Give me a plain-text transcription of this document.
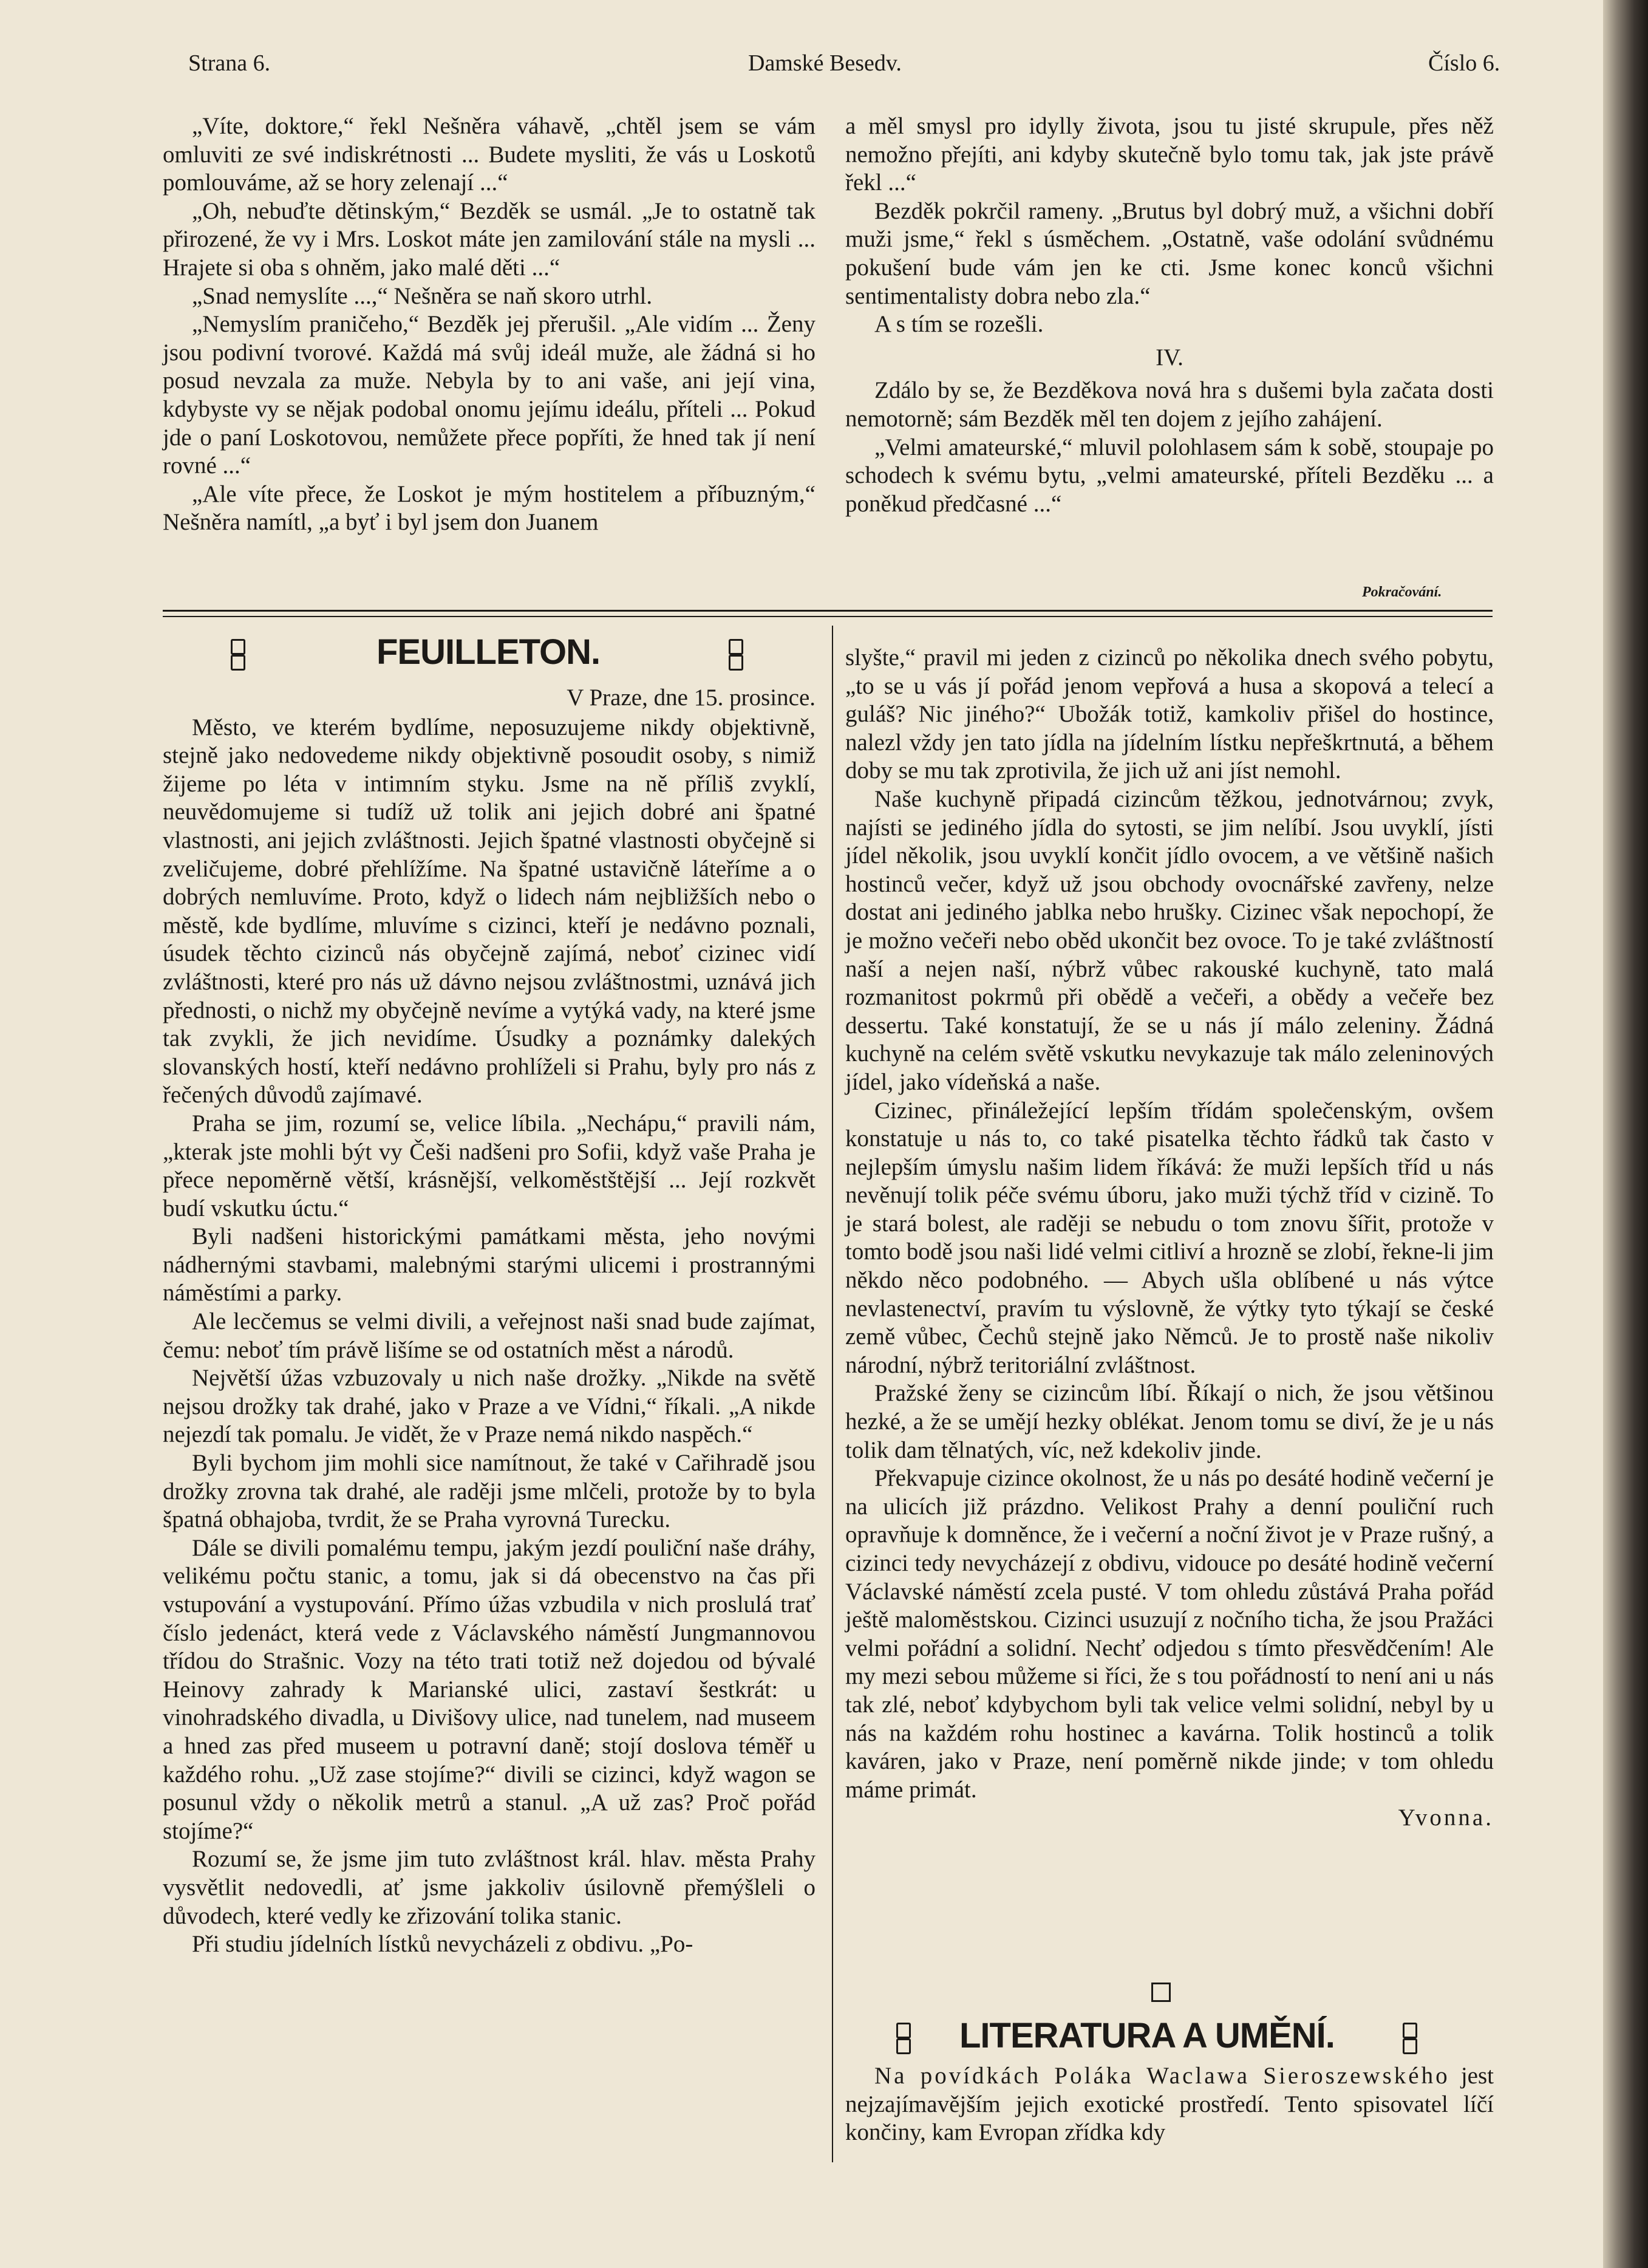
Strana 6.	Damské Besedv.	Číslo 6.

„Víte, doktore,“ řekl Nešněra váhavě, „chtěl jsem se vám omluviti ze své indiskrétnosti ... Budete mysliti, že vás u Loskotů pomlouváme, až se hory zelenají ...“

„Oh, nebuďte dětinským,“ Bezděk se usmál. „Je to ostatně tak přirozené, že vy i Mrs. Loskot máte jen zamilování stále na mysli ... Hrajete si oba s ohněm, jako malé děti ...“

„Snad nemyslíte ...,“ Nešněra se naň skoro utrhl.

„Nemyslím praničeho,“ Bezděk jej přerušil. „Ale vidím ... Ženy jsou podivní tvorové. Každá má svůj ideál muže, ale žádná si ho posud nevzala za muže. Nebyla by to ani vaše, ani její vina, kdybyste vy se nějak podobal onomu jejímu ideálu, příteli ... Pokud jde o paní Loskotovou, nemůžete přece popříti, že hned tak jí není rovné ...“

„Ale víte přece, že Loskot je mým hostitelem a příbuzným,“ Nešněra namítl, „a byť i byl jsem don Juanem

a měl smysl pro idylly života, jsou tu jisté skrupule, přes něž nemožno přejíti, ani kdyby skutečně bylo tomu tak, jak jste právě řekl ...“

Bezděk pokrčil rameny. „Brutus byl dobrý muž, a všichni dobří muži jsme,“ řekl s úsměchem. „Ostatně, vaše odolání svůdnému pokušení bude vám jen ke cti. Jsme konec konců všichni sentimentalisty dobra nebo zla.“

A s tím se rozešli.

IV.

Zdálo by se, že Bezděkova nová hra s dušemi byla začata dosti nemotorně; sám Bezděk měl ten dojem z jejího zahájení.

„Velmi amateurské,“ mluvil polohlasem sám k sobě, stoupaje po schodech k svému bytu, „velmi amateurské, příteli Bezděku ... a poněkud předčasné ...“

Pokračování.
FEUILLETON.

V Praze, dne 15. prosince.

Město, ve kterém bydlíme, neposuzujeme nikdy objektivně, stejně jako nedovedeme nikdy objektivně posoudit osoby, s nimiž žijeme po léta v intimním styku. Jsme na ně příliš zvyklí, neuvědomujeme si tudíž už tolik ani jejich dobré ani špatné vlastnosti, ani jejich zvláštnosti. Jejich špatné vlastnosti obyčejně si zveličujeme, dobré přehlížíme. Na špatné ustavičně láteříme a o dobrých nemluvíme. Proto, když o lidech nám nejbližších nebo o městě, kde bydlíme, mluvíme s cizinci, kteří je nedávno poznali, úsudek těchto cizinců nás obyčejně zajímá, neboť cizinec vidí zvláštnosti, které pro nás už dávno nejsou zvláštnostmi, uznává jich přednosti, o nichž my obyčejně nevíme a vytýká vady, na které jsme tak zvykli, že jich nevidíme. Úsudky a poznámky dalekých slovanských hostí, kteří nedávno prohlíželi si Prahu, byly pro nás z řečených důvodů zajímavé.

Praha se jim, rozumí se, velice líbila. „Nechápu,“ pravili nám, „kterak jste mohli být vy Češi nadšeni pro Sofii, když vaše Praha je přece nepoměrně větší, krásnější, velkoměstštější ... Její rozkvět budí vskutku úctu.“

Byli nadšeni historickými památkami města, jeho novými nádhernými stavbami, malebnými starými ulicemi i prostrannými náměstími a parky.

Ale lecčemus se velmi divili, a veřejnost naši snad bude zajímat, čemu: neboť tím právě lišíme se od ostatních měst a národů.

Největší úžas vzbuzovaly u nich naše drožky. „Nikde na světě nejsou drožky tak drahé, jako v Praze a ve Vídni,“ říkali. „A nikde nejezdí tak pomalu. Je vidět, že v Praze nemá nikdo naspěch.“

Byli bychom jim mohli sice namítnout, že také v Cařihradě jsou drožky zrovna tak drahé, ale raději jsme mlčeli, protože by to byla špatná obhajoba, tvrdit, že se Praha vyrovná Turecku.

Dále se divili pomalému tempu, jakým jezdí pouliční naše dráhy, velikému počtu stanic, a tomu, jak si dá obecenstvo na čas při vstupování a vystupování. Přímo úžas vzbudila v nich proslulá trať číslo jedenáct, která vede z Václavského náměstí Jungmannovou třídou do Strašnic. Vozy na této trati totiž než dojedou od bývalé Heinovy zahrady k Marianské ulici, zastaví šestkrát: u vinohradského divadla, u Divišovy ulice, nad tunelem, nad museem a hned zas před museem u potravní daně; stojí doslova téměř u každého rohu. „Už zase stojíme?“ divili se cizinci, když wagon se posunul vždy o několik metrů a stanul. „A už zas? Proč pořád stojíme?“

Rozumí se, že jsme jim tuto zvláštnost král. hlav. města Prahy vysvětlit nedovedli, ať jsme jakkoliv úsilovně přemýšleli o důvodech, které vedly ke zřizování tolika stanic.

Při studiu jídelních lístků nevycházeli z obdivu. „Po-

slyšte,“ pravil mi jeden z cizinců po několika dnech svého pobytu, „to se u vás jí pořád jenom vepřová a husa a skopová a telecí a guláš? Nic jiného?“ Ubožák totiž, kamkoliv přišel do hostince, nalezl vždy jen tato jídla na jídelním lístku nepřeškrtnutá, a během doby se mu tak zprotivila, že jich už ani jíst nemohl.

Naše kuchyně připadá cizincům těžkou, jednotvárnou; zvyk, najísti se jediného jídla do sytosti, se jim nelíbí. Jsou uvyklí, jísti jídel několik, jsou uvyklí končit jídlo ovocem, a ve většině našich hostinců večer, když už jsou obchody ovocnářské zavřeny, nelze dostat ani jediného jablka nebo hrušky. Cizinec však nepochopí, že je možno večeři nebo oběd ukončit bez ovoce. To je také zvláštností naší a nejen naší, nýbrž vůbec rakouské kuchyně, tato malá rozmanitost pokrmů při obědě a večeři, a obědy a večeře bez dessertu. Také konstatují, že se u nás jí málo zeleniny. Žádná kuchyně na celém světě vskutku nevykazuje tak málo zeleninových jídel, jako vídeňská a naše.

Cizinec, přináležející lepším třídám společenským, ovšem konstatuje u nás to, co také pisatelka těchto řádků tak často v nejlepším úmyslu našim lidem říkává: že muži lepších tříd u nás nevěnují tolik péče svému úboru, jako muži týchž tříd v cizině. To je stará bolest, ale raději se nebudu o tom znovu šířit, protože v tomto bodě jsou naši lidé velmi citliví a hrozně se zlobí, řekne-li jim někdo něco podobného. — Abych ušla oblíbené u nás výtce nevlastenectví, pravím tu výslovně, že výtky tyto týkají se české země vůbec, Čechů stejně jako Němců. Je to prostě naše nikoliv národní, nýbrž teritoriální zvláštnost.

Pražské ženy se cizincům líbí. Říkají o nich, že jsou většinou hezké, a že se umějí hezky oblékat. Jenom tomu se diví, že je u nás tolik dam tělnatých, víc, než kdekoliv jinde.

Překvapuje cizince okolnost, že u nás po desáté hodině večerní je na ulicích již prázdno. Velikost Prahy a denní pouliční ruch opravňuje k domněnce, že i večerní a noční život je v Praze rušný, a cizinci tedy nevycházejí z obdivu, vidouce po desáté hodině večerní Václavské náměstí zcela pusté. V tom ohledu zůstává Praha pořád ještě maloměstskou. Cizinci usuzují z nočního ticha, že jsou Pražáci velmi pořádní a solidní. Nechť odjedou s tímto přesvědčením! Ale my mezi sebou můžeme si říci, že s tou pořádností to není ani u nás tak zlé, neboť kdybychom byli tak velice velmi solidní, nebyl by u nás na každém rohu hostinec a kavárna. Tolik hostinců a tolik kaváren, jako v Praze, není poměrně nikde jinde; v tom ohledu máme primát.

Yvonna.

LITERATURA A UMĚNÍ.

Na povídkách Poláka Waclawa Sieroszewského jest nejzajímavějším jejich exotické prostředí. Tento spisovatel líčí končiny, kam Evropan zřídka kdy
